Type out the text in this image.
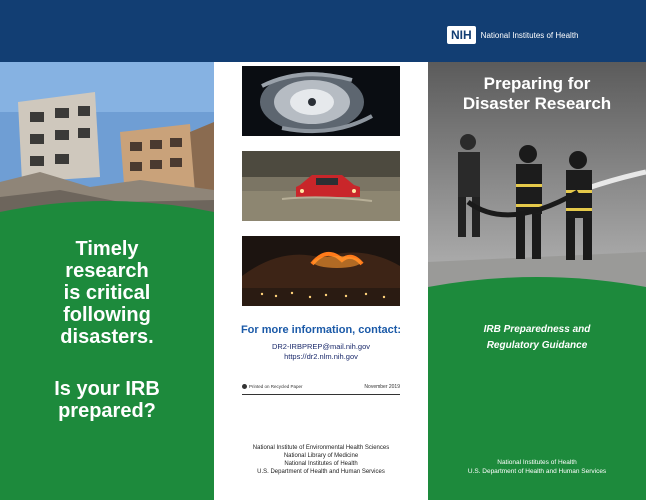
NIH	National Institutes of Health
Timely
research
is critical
following
disasters.
Is your IRB
prepared?
For more information, contact:
DR2-IRBPREP@mail.nih.gov
https://dr2.nlm.nih.gov
Printed on Recycled Paper	November 2019
National Institute of Environmental Health Sciences
National Library of Medicine
National Institutes of Health
U.S. Department of Health and Human Services
Preparing for
Disaster Research
IRB Preparedness and
Regulatory Guidance
National Institutes of Health
U.S. Department of Health and Human Services
